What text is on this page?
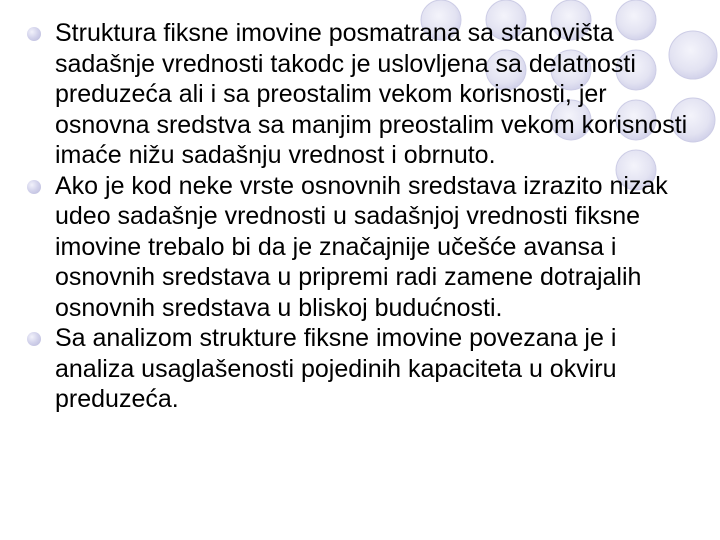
Struktura fiksne imovine posmatrana sa stanovišta sadašnje vrednosti takodc je uslovljena sa delatnosti preduzeća ali i sa preostalim vekom korisnosti, jer osnovna sredstva sa manjim preostalim vekom korisnosti imaće nižu sadašnju vrednost i obrnuto.
Ako je kod neke vrste osnovnih sredstava izrazito nizak udeo sadašnje vrednosti u sadašnjoj vrednosti fiksne imovine trebalo bi da je značajnije učešće avansa i osnovnih sredstava u pripremi radi zamene dotrajalih osnovnih sredstava u bliskoj budućnosti.
Sa analizom strukture fiksne imovine povezana je i analiza usaglašenosti pojedinih kapaciteta u okviru preduzeća.
